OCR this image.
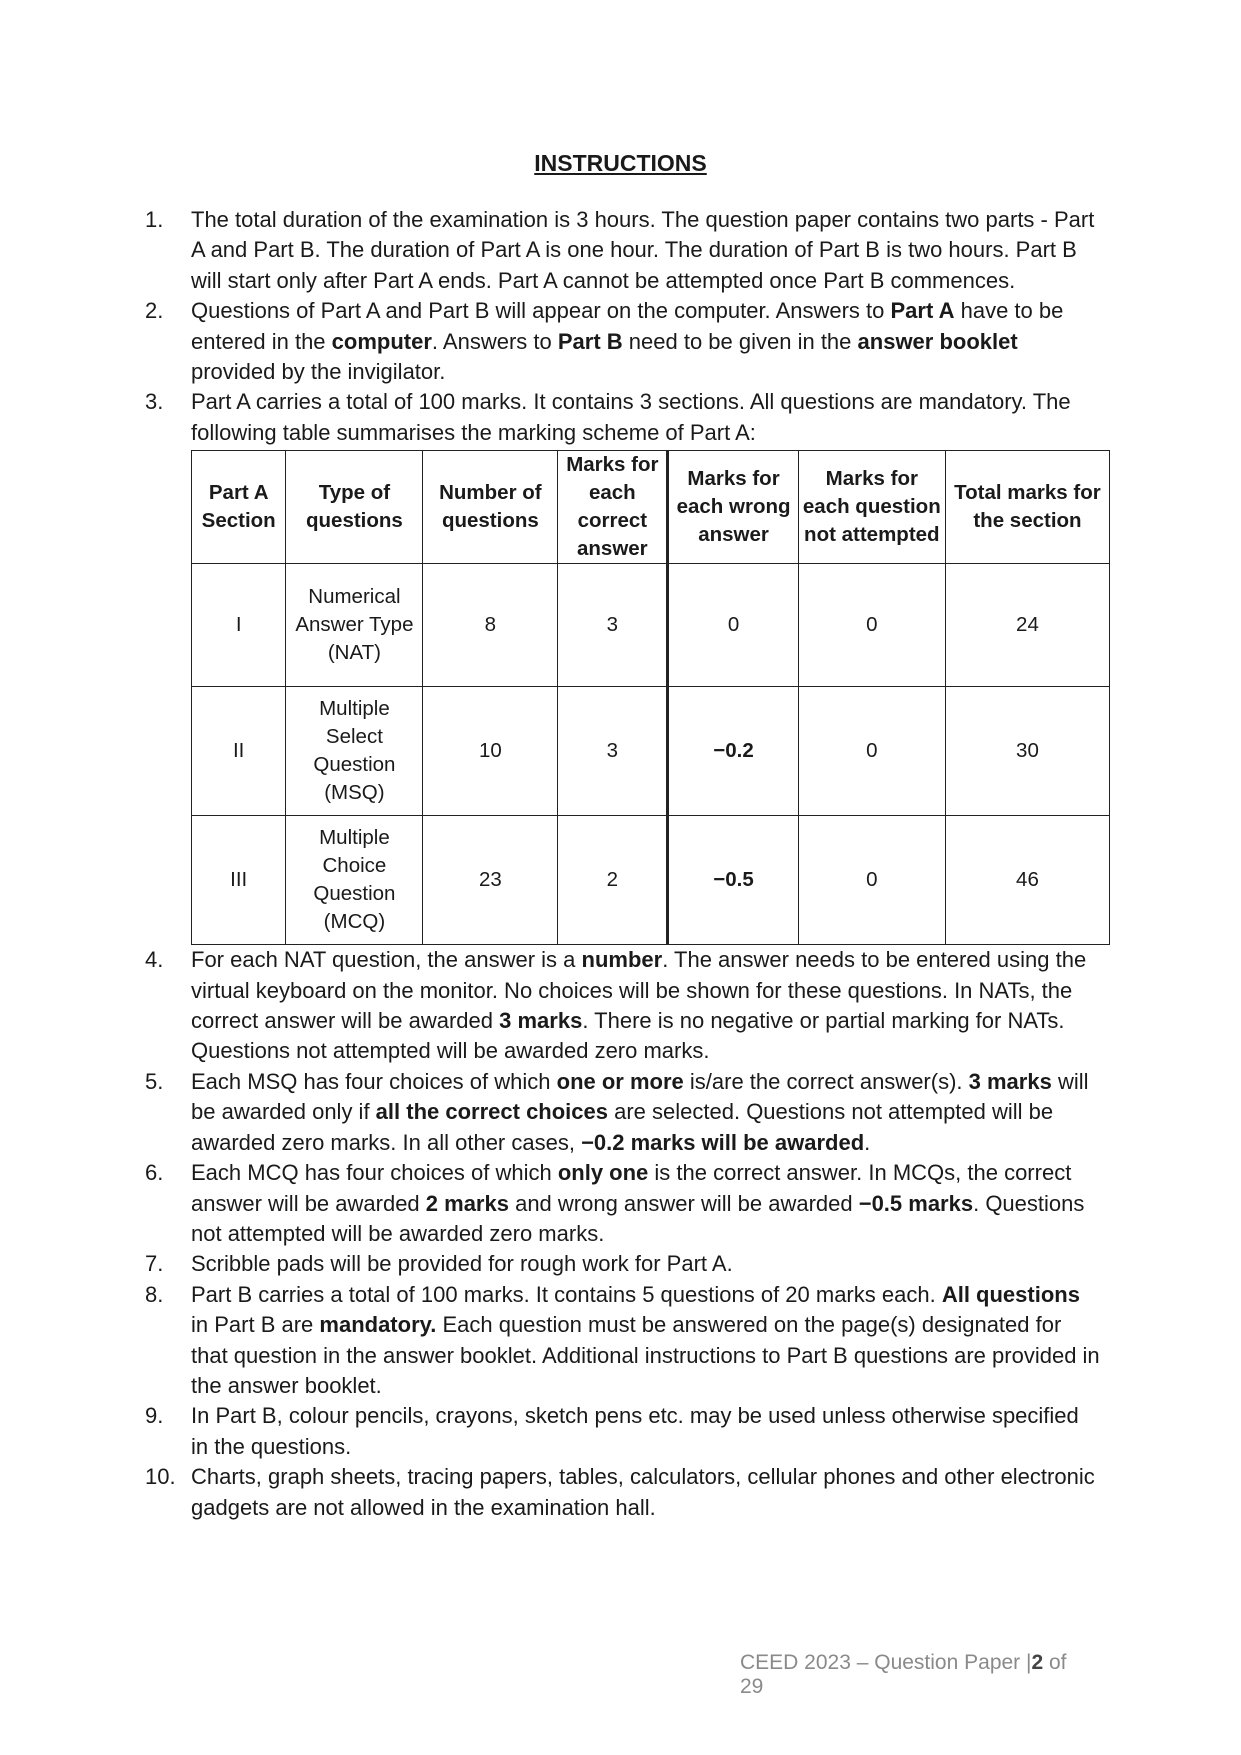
INSTRUCTIONS
1.	The total duration of the examination is 3 hours. The question paper contains two parts - Part A and Part B. The duration of Part A is one hour. The duration of Part B is two hours. Part B will start only after Part A ends. Part A cannot be attempted once Part B commences.
2.	Questions of Part A and Part B will appear on the computer. Answers to Part A have to be entered in the computer. Answers to Part B need to be given in the answer booklet provided by the invigilator.
3.	Part A carries a total of 100 marks. It contains 3 sections. All questions are mandatory. The following table summarises the marking scheme of Part A:
Part A Section	Type of questions	Number of questions	Marks for each correct answer	Marks for each wrong answer	Marks for each question not attempted	Total marks for the section
I	Numerical Answer Type (NAT)	8	3	0	0	24
II	Multiple Select Question (MSQ)	10	3	−0.2	0	30
III	Multiple Choice Question (MCQ)	23	2	−0.5	0	46
4.	For each NAT question, the answer is a number. The answer needs to be entered using the virtual keyboard on the monitor. No choices will be shown for these questions. In NATs, the correct answer will be awarded 3 marks. There is no negative or partial marking for NATs. Questions not attempted will be awarded zero marks.
5.	Each MSQ has four choices of which one or more is/are the correct answer(s). 3 marks will be awarded only if all the correct choices are selected. Questions not attempted will be awarded zero marks. In all other cases, −0.2 marks will be awarded.
6.	Each MCQ has four choices of which only one is the correct answer. In MCQs, the correct answer will be awarded 2 marks and wrong answer will be awarded −0.5 marks. Questions not attempted will be awarded zero marks.
7.	Scribble pads will be provided for rough work for Part A.
8.	Part B carries a total of 100 marks. It contains 5 questions of 20 marks each. All questions in Part B are mandatory. Each question must be answered on the page(s) designated for that question in the answer booklet. Additional instructions to Part B questions are provided in the answer booklet.
9.	In Part B, colour pencils, crayons, sketch pens etc. may be used unless otherwise specified in the questions.
10. Charts, graph sheets, tracing papers, tables, calculators, cellular phones and other electronic gadgets are not allowed in the examination hall.
CEED 2023 – Question Paper |2 of 29
